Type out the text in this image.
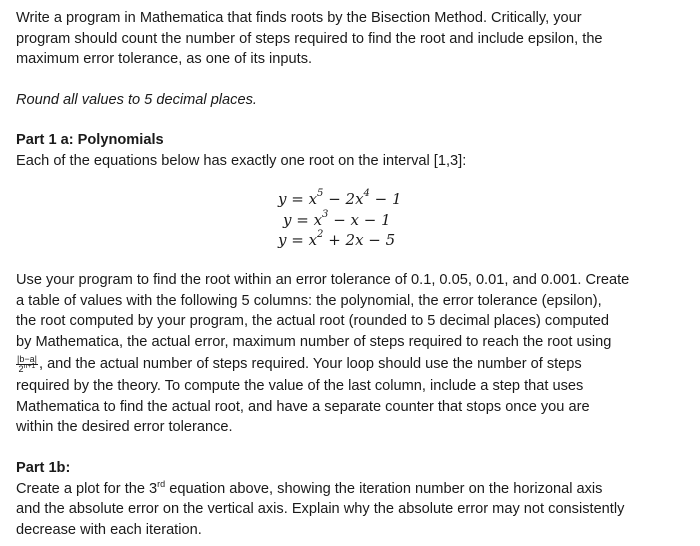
Write a program in Mathematica that finds roots by the Bisection Method. Critically, your

program should count the number of steps required to find the root and include epsilon, the

maximum error tolerance, as one of its inputs.

Round all values to 5 decimal places.

Part 1 a: Polynomials

Each of the equations below has exactly one root on the interval [1,3]:

$y = x^5 - 2x^4 - 1$
$y = x^3 - x - 1$
$y = x^2 + 2x - 5$

Use your program to find the root within an error tolerance of 0.1, 0.05, 0.01, and 0.001. Create

a table of values with the following 5 columns: the polynomial, the error tolerance (epsilon),

the root computed by your program, the actual root (rounded to 5 decimal places) computed

by Mathematica, the actual error, maximum number of steps required to reach the root using

$\frac{|b-a|}{2^{n+1}}$ , and the actual number of steps required. Your loop should use the number of steps

required by the theory. To compute the value of the last column, include a step that uses

Mathematica to find the actual root, and have a separate counter that stops once you are

within the desired error tolerance.

Part 1b:

Create a plot for the 3rd equation above, showing the iteration number on the horizonal axis

and the absolute error on the vertical axis. Explain why the absolute error may not consistently

decrease with each iteration.
